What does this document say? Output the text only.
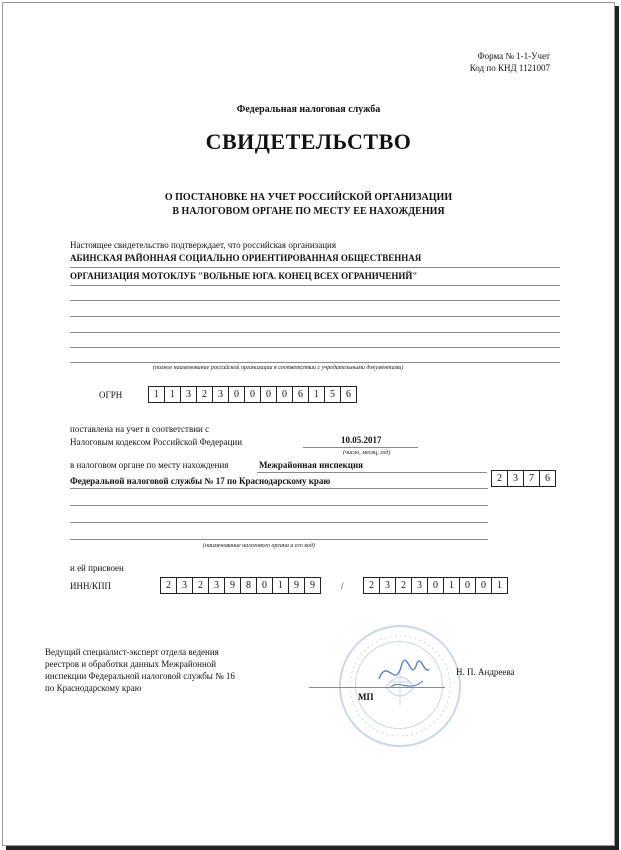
Форма № 1-1-Учет
Код по КНД 1121007
Федеральная налоговая служба
СВИДЕТЕЛЬСТВО
О ПОСТАНОВКЕ НА УЧЕТ РОССИЙСКОЙ ОРГАНИЗАЦИИ
В НАЛОГОВОМ ОРГАНЕ ПО МЕСТУ ЕЕ НАХОЖДЕНИЯ
Настоящее свидетельство подтверждает, что российская организация
АБИНСКАЯ РАЙОННАЯ СОЦИАЛЬНО ОРИЕНТИРОВАННАЯ ОБЩЕСТВЕННАЯ
ОРГАНИЗАЦИЯ МОТОКЛУБ "ВОЛЬНЫЕ ЮГА. КОНЕЦ ВСЕХ ОГРАНИЧЕНИЙ"
(полное наименование российской организации в соответствии с учредительными документами)
ОГРН	1	1	3	2	3	0	0	0	0	6	1	5	6
поставлена на учет в соответствии с
Налоговым кодексом Российской Федерации	10.05.2017
(число, месяц, год)
в налоговом органе по месту нахождения	Межрайонная инспекция
Федеральной налоговой службы № 17 по Краснодарскому краю	2	3	7	6
(наименование налогового органа и его код)
и ей присвоен
ИНН/КПП	2	3	2	3	9	8	0	1	9	9	/	2	3	2	3	0	1	0	0	1
Ведущий специалист-эксперт отдела ведения
реестров и обработки данных Межрайонной
инспекции Федеральной налоговой службы № 16
по Краснодарскому краю
Н. П. Андреева
МП
